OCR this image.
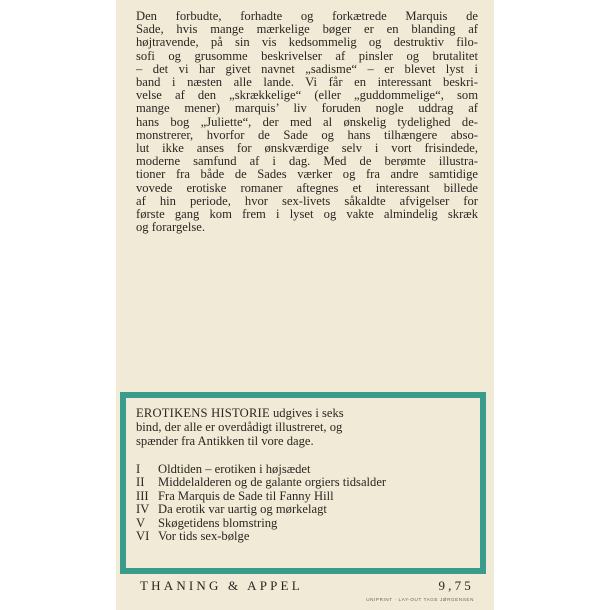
Den forbudte, forhadte og forkætrede Marquis de
Sade, hvis mange mærkelige bøger er en blanding af
højtravende, på sin vis kedsommelig og destruktiv filo-
sofi og grusomme beskrivelser af pinsler og brutalitet
– det vi har givet navnet „sadisme“ – er blevet lyst i
band i næsten alle lande. Vi får en interessant beskri-
velse af den „skrækkelige“ (eller „guddommelige“, som
mange mener) marquis’ liv foruden nogle uddrag af
hans bog „Juliette“, der med al ønskelig tydelighed de-
monstrerer, hvorfor de Sade og hans tilhængere abso-
lut ikke anses for ønskværdige selv i vort frisindede,
moderne samfund af i dag. Med de berømte illustra-
tioner fra både de Sades værker og fra andre samtidige
vovede erotiske romaner aftegnes et interessant billede
af hin periode, hvor sex-livets såkaldte afvigelser for
første gang kom frem i lyset og vakte almindelig skræk
og forargelse.

EROTIKENS HISTORIE udgives i seks
bind, der alle er overdådigt illustreret, og
spænder fra Antikken til vore dage.

I	Oldtiden – erotiken i højsædet
II	Middelalderen og de galante orgiers tidsalder
III Fra Marquis de Sade til Fanny Hill
IV Da erotik var uartig og mørkelagt
V	Skøgetidens blomstring
VI Vor tids sex-bølge
THANING & APPEL	9,75
UNIPRINT · LAY-OUT TAGE JØRGENSEN
